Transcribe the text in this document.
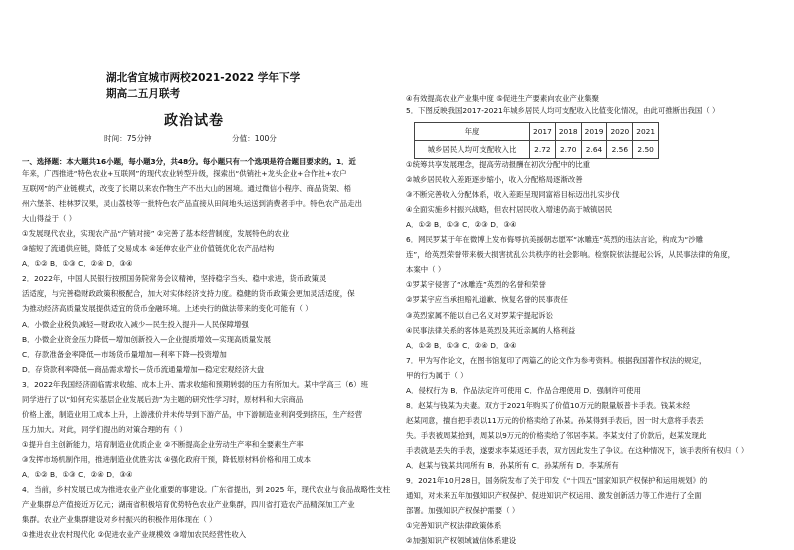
湖北省宜城市两校2021-2022 学年下学
期高二五月联考
政治试卷
时间：75分钟	分值：100分
一、选择题：本大题共16小题，每小题3分，共48分。每小题只有一个选项是符合题目要求的。1．近
年来，广西推进“特色农业+互联网”的现代农业转型升级，探索出“供销社+龙头企业+合作社+农户
互联网”的产业链模式，改变了长期以来农作物生产不出大山的困境。通过微信小程序、商品货架、梧
州六堡茶、桂林罗汉果，灵山荔枝等一批特色农产品直接从田间地头运送到消费者手中。特色农产品走出
大山得益于（ ）
①发展现代农业，实现农产品“产销对接” ②完善了基本经营制度，发展特色的农业
③缩短了流通供应链，降低了交易成本 ④延伸农业产业价值链优化农产品结构
A．①② B．①③ C．②④ D．③④
2．2022年，中国人民银行按照国务院常务会议精神，坚持稳字当头、稳中求进，货币政策灵
活适度，与完善稳财政政策积极配合，加大对实体经济支持力度。稳健的货币政策会更加灵活适度，保
为推动经济高质量发展提供适宜的货币金融环境。上述央行的做法带来的变化可能有（ ）
A．小微企业税负减轻—财政收入减少—民生投入提升—人民保障增强
B．小微企业资金压力降低—增加创新投入—企业提质增效—实现高质量发展
C．存款准备金率降低—市场货币量增加—利率下降—投资增加
D．存贷款利率降低—商品需求增长—货币流通量增加—稳定宏观经济大盘
3．2022年我国经济面临需求收缩、成本上升、需求收缩和预期转弱的压力有所加大。某中学高三（6）班
同学进行了以“如何充实基层企业发展后劲”为主题的研究性学习时，原材料和大宗商品
价格上涨，制造业用工成本上升，上游涨价并未传导到下游产品，中下游制造业利润受到挤压，生产经营
压力加大。对此，同学们提出的对策合理的有（ ）
①提升自主创新能力，培育制造业优质企业 ②不断提高企业劳动生产率和全要素生产率
③发挥市场机制作用，推进制造业优胜劣汰 ④强化政府干预，降低原材料价格和用工成本
A．①② B．①③ C．②④ D．③④
4．当前，乡村发展已成为推进农业产业化重要的事建设。广东省提出，到 2025 年，现代农业与食品战略性支柱
产业集群总产值接近万亿元；湖南省积极培育优势特色农业产业集群，四川省打造农产品精深加工产业
集群。农业产业集群建设对乡村振兴的积极作用体现在（ ）
①推进农业农村现代化 ②促进农业产业规模效 ③增加农民经营性收入
④有效提高农业产业集中度 ⑤促进生产要素向农业产业集聚
5．下图反映我国2017-2021年城乡居民人均可支配收入比值变化情况，由此可推断出我国（ ）
年度	2017	2018	2019	2020	2021
城乡居民人均可支配收入比	2.72	2.70	2.64	2.56	2.50
①统筹共享发展理念，提高劳动报酬在初次分配中的比重
②城乡居民收入差距逐步缩小，收入分配格局逐渐改善
③不断完善收入分配体系，收入差距呈现同富裕目标迈出扎实步伐
④全面实施乡村振兴战略，但农村居民收入增速仍高于城镇居民
A．①② B．①③ C．②③ D．③④
6．网民罗某于年在微博上发布侮辱抗美援朝志愿军“冰雕连”英烈的违法言论，构成为“沙雕
连”，给英烈荣誉带来极大损害扰乱公共秩序的社会影响。检察院依法提起公诉，从民事法律的角度，
本案中（ ）
①罗某宇侵害了“冰雕连”英烈的名誉和荣誉
②罗某宇应当承担赔礼道歉、恢复名誉的民事责任
③英烈家属不能以自己名义对罗某宇提起诉讼
④民事法律关系的客体是英烈及其近亲属的人格利益
A．①② B．①③ C．②④ D．③④
7．甲为写作论文，在图书馆复印了两篇乙的论文作为参考资料。根据我国著作权法的规定，
甲的行为属于（ ）
A．侵权行为 B．作品法定许可使用 C．作品合理使用 D．强制许可使用
8．赵某与钱某为夫妻。双方于2021年购买了价值10万元的限量版普卡手表。钱某未经
赵某同意，擅自把手表以11万元的价格卖给了孙某。孙某得到手表后，因一时大意将手表丢
失。手表被周某拾到，周某以9万元的价格卖给了邻居李某。李某支付了价款后，赵某发现此
手表就是丢失的手表，遂要求李某返还手表，双方因此发生了争议。在这种情况下，该手表所有权归（ ）
A．赵某与钱某共同所有 B．孙某所有 C．孙某所有 D．李某所有
9．2021年10月28日，国务院发布了关于印发《“十四五”国家知识产权保护和运用规划》的
通知，对未来五年加强知识产权保护、促进知识产权运用、激发创新活力等工作进行了全面
部署。加强知识产权保护需要（ ）
①完善知识产权法律政策体系
②加强知识产权领域诚信体系建设
